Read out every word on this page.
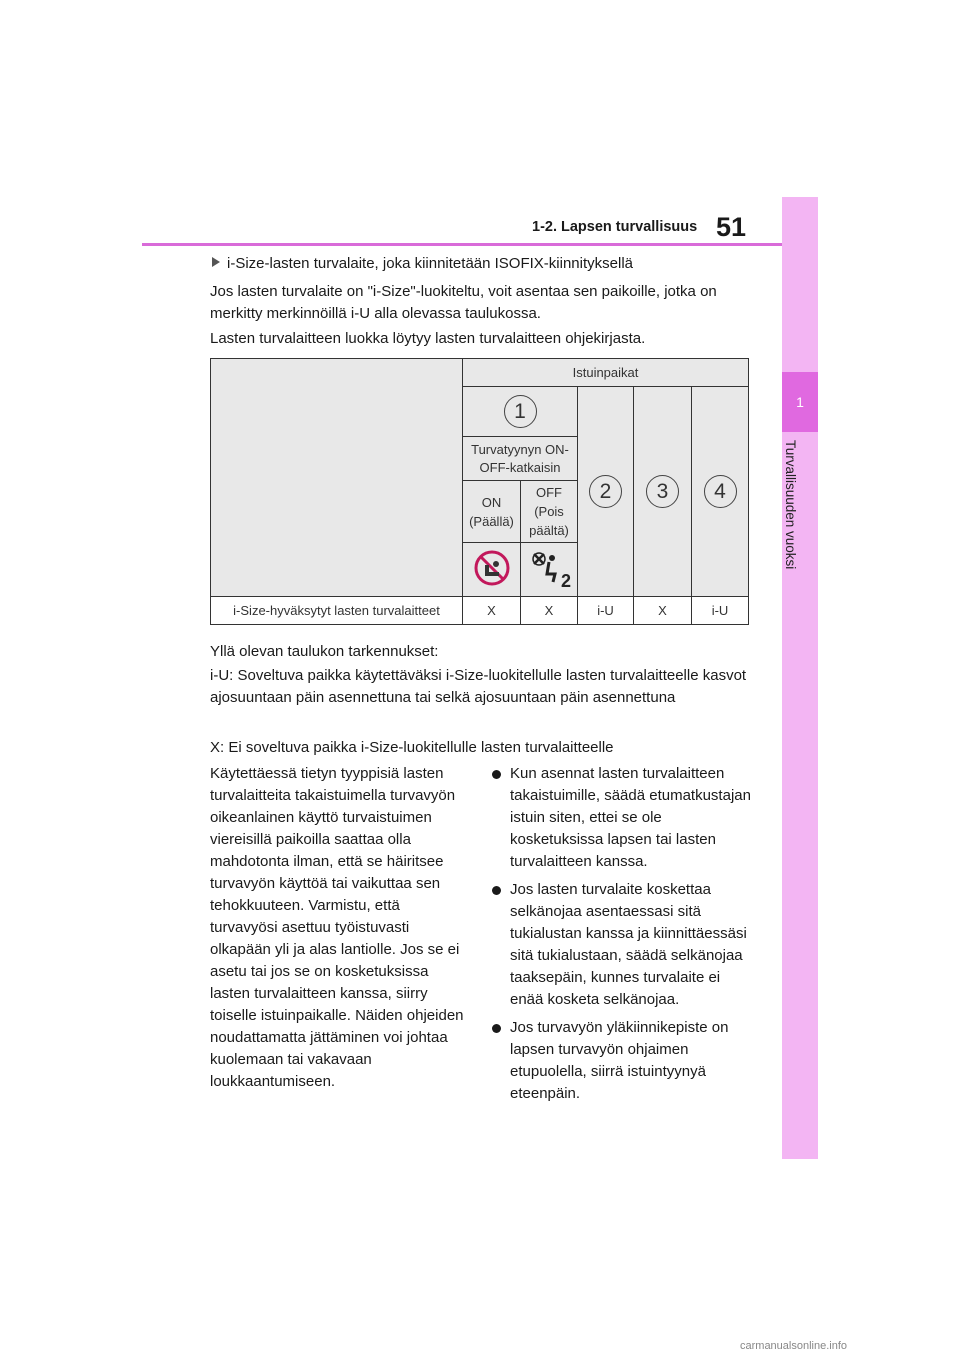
1-2. Lapsen turvallisuus 51
1
Turvallisuuden vuoksi
i-Size-lasten turvalaite, joka kiinnitetään ISOFIX-kiinnityksellä
Jos lasten turvalaite on "i-Size"-luokiteltu, voit asentaa sen paikoille, jotka on merkitty merkinnöillä i-U alla olevassa taulukossa.
Lasten turvalaitteen luokka löytyy lasten turvalaitteen ohjekirjasta.
	Istuinpaikat				
	1		2	3	4
	Turvatyynyn ON-OFF-katkaisin				
	ON (Päällä)	OFF (Pois päältä)			

2			

i-Size-hyväksytyt lasten turvalaitteet	X	X	i-U	X	i-U
Yllä olevan taulukon tarkennukset:
i-U: Soveltuva paikka käytettäväksi i-Size-luokitellulle lasten turvalaitteelle kasvot ajosuuntaan päin asennettuna tai selkä ajosuuntaan päin asennettuna
X: Ei soveltuva paikka i-Size-luokitellulle lasten turvalaitteelle
Käytettäessä tietyn tyyppisiä lasten turvalaitteita takaistuimella turvavyön oikeanlainen käyttö turvaistuimen viereisillä paikoilla saattaa olla mahdotonta ilman, että se häiritsee turvavyön käyttöä tai vaikuttaa sen tehokkuuteen. Varmistu, että turvavyösi asettuu työistuvasti olkapään yli ja alas lantiolle. Jos se ei asetu tai jos se on kosketuksissa lasten turvalaitteen kanssa, siirry toiselle istuinpaikalle. Näiden ohjeiden noudattamatta jättäminen voi johtaa kuolemaan tai vakavaan loukkaantumiseen.
Kun asennat lasten turvalaitteen takaistuimille, säädä etumatkustajan istuin siten, ettei se ole kosketuksissa lapsen tai lasten turvalaitteen kanssa.
Jos lasten turvalaite koskettaa selkänojaa asentaessasi sitä tukialustan kanssa ja kiinnittäessäsi sitä tukialustaan, säädä selkänojaa taaksepäin, kunnes turvalaite ei enää kosketa selkänojaa.
Jos turvavyön yläkiinnikepiste on lapsen turvavyön ohjaimen etupuolella, siirrä istuintyynyä eteenpäin.
carmanualsonline.info
